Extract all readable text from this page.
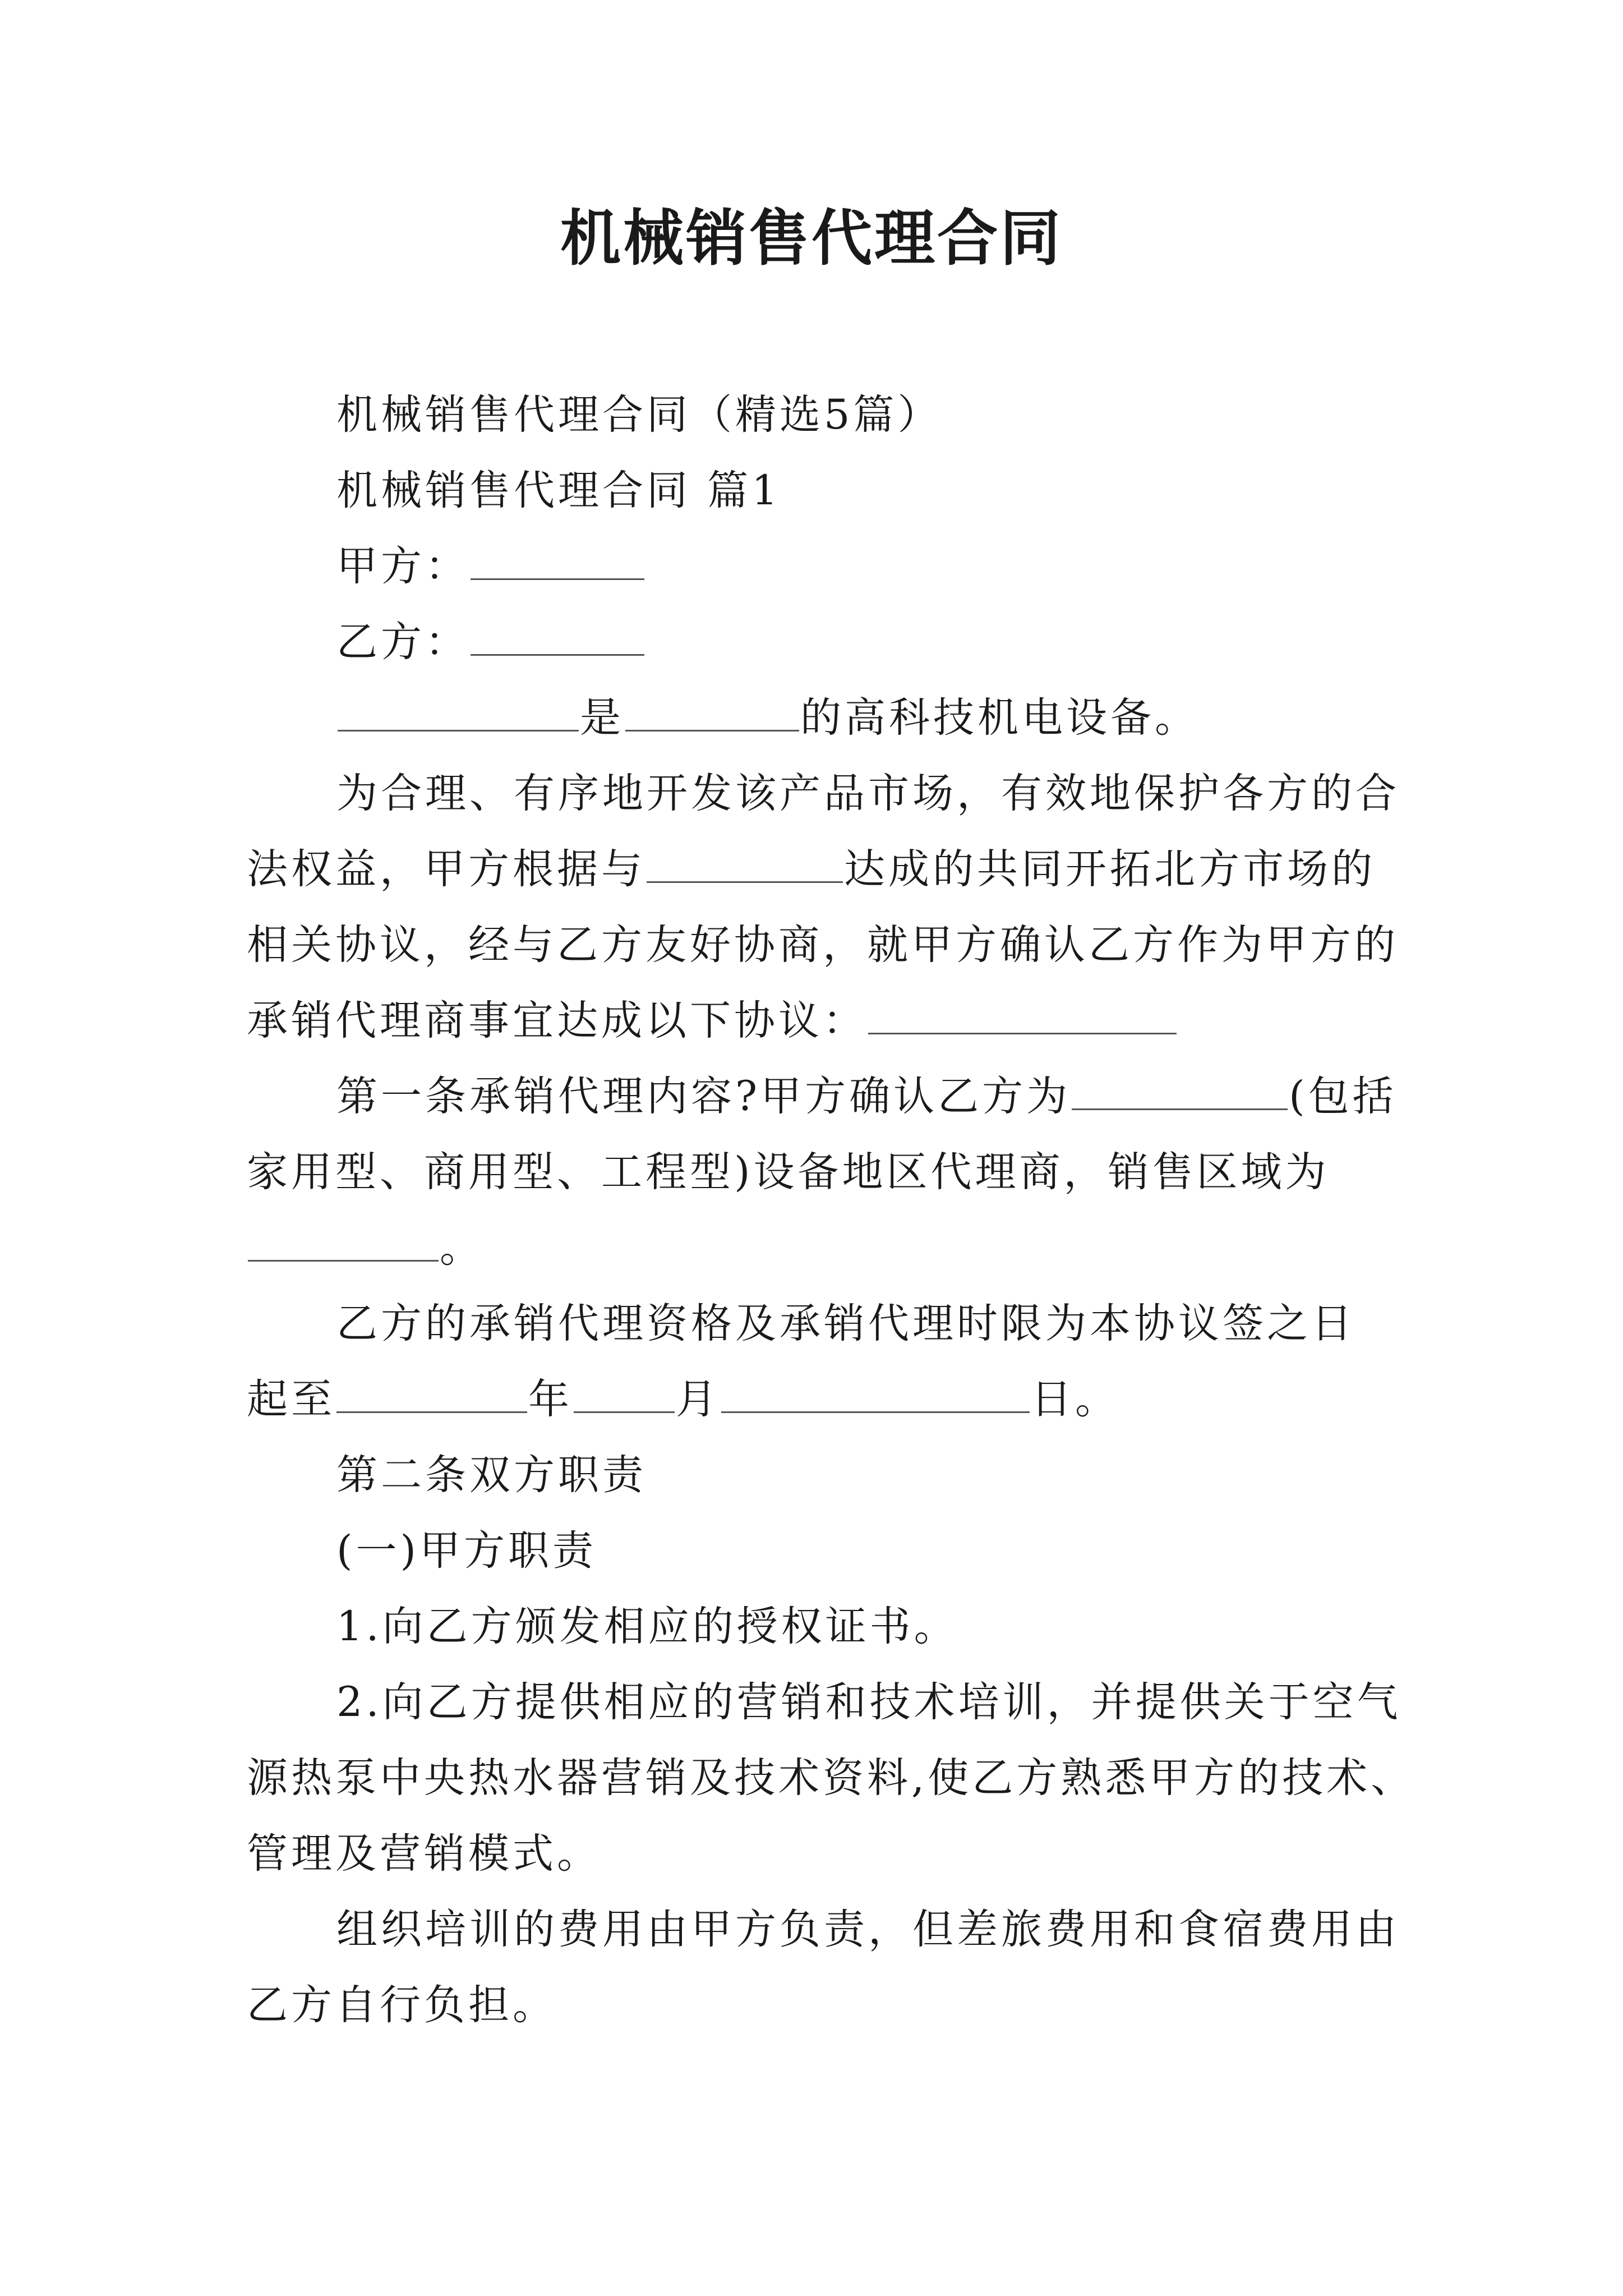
机械销售代理合同
机械销售代理合同（精选5篇）
机械销售代理合同 篇1
甲方：
乙方：
是	的高科技机电设备。
为合理、有序地开发该产品市场，有效地保护各方的合
法权益，甲方根据与	达成的共同开拓北方市场的
相关协议，经与乙方友好协商，就甲方确认乙方作为甲方的
承销代理商事宜达成以下协议：
第一条承销代理内容?甲方确认乙方为	(包括
家用型、商用型、工程型)设备地区代理商，销售区域为
。
乙方的承销代理资格及承销代理时限为本协议签之日
起至	年	月	日。
第二条双方职责
(一)甲方职责
1.向乙方颁发相应的授权证书。
2.向乙方提供相应的营销和技术培训，并提供关于空气
源热泵中央热水器营销及技术资料,使乙方熟悉甲方的技术、
管理及营销模式。
组织培训的费用由甲方负责，但差旅费用和食宿费用由
乙方自行负担。
